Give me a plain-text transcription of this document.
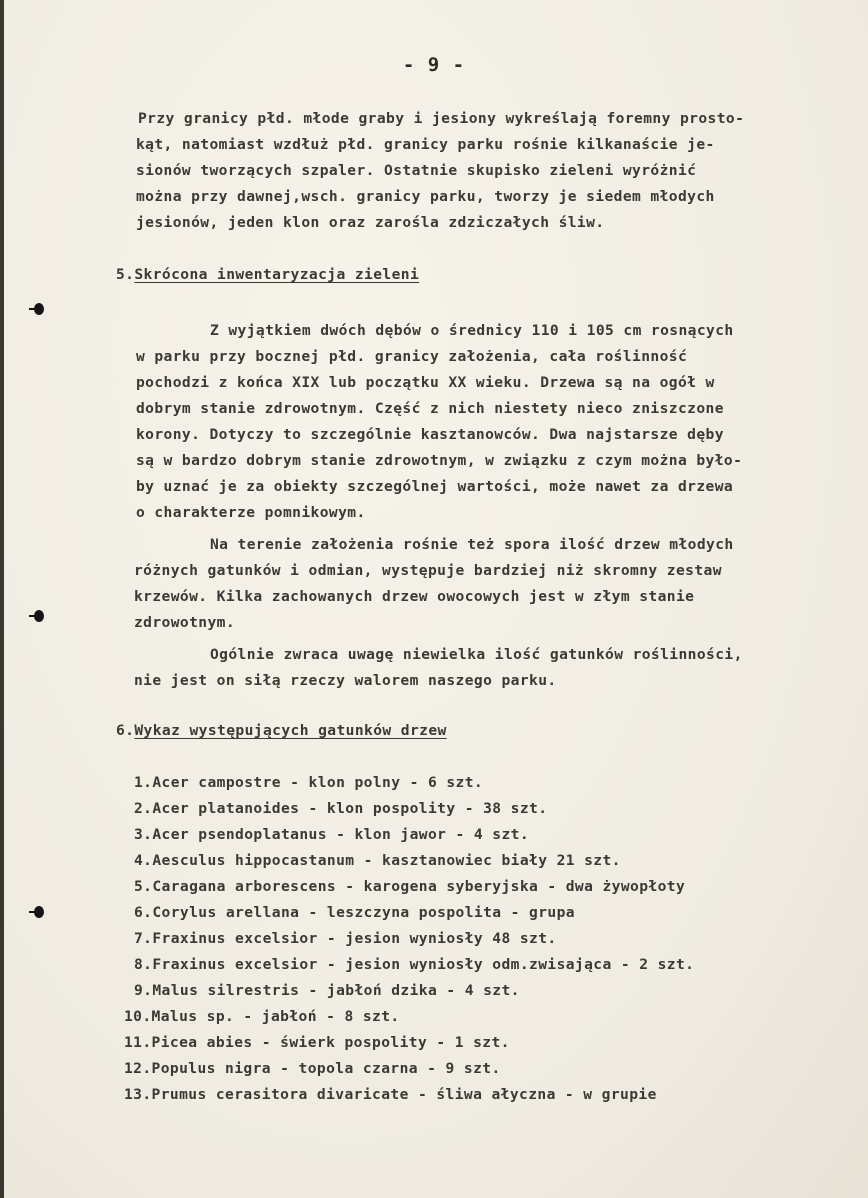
- 9 -
Przy granicy płd. młode graby i jesiony wykreślają foremny prosto-
kąt, natomiast wzdłuż płd. granicy parku rośnie kilkanaście je-
sionów tworzących szpaler. Ostatnie skupisko zieleni wyróżnić
można przy dawnej,wsch. granicy parku, tworzy je siedem młodych
jesionów, jeden klon oraz zarośla zdziczałych śliw.
5.Skrócona inwentaryzacja zieleni
Z wyjątkiem dwóch dębów o średnicy 110 i 105 cm rosnących
w parku przy bocznej płd. granicy założenia, cała roślinność
pochodzi z końca XIX lub początku XX wieku. Drzewa są na ogół w
dobrym stanie zdrowotnym. Część z nich niestety nieco zniszczone
korony. Dotyczy to szczególnie kasztanowców. Dwa najstarsze dęby
są w bardzo dobrym stanie zdrowotnym, w związku z czym można było-
by uznać je za obiekty szczególnej wartości, może nawet za drzewa
o charakterze pomnikowym.
Na terenie założenia rośnie też spora ilość drzew młodych
różnych gatunków i odmian, występuje bardziej niż skromny zestaw
krzewów. Kilka zachowanych drzew owocowych jest w złym stanie
zdrowotnym.
Ogólnie zwraca uwagę niewielka ilość gatunków roślinności,
nie jest on siłą rzeczy walorem naszego parku.
6.Wykaz występujących gatunków drzew
1.Acer campostre - klon polny - 6 szt.
2.Acer platanoides - klon pospolity - 38 szt.
3.Acer psendoplatanus - klon jawor - 4 szt.
4.Aesculus hippocastanum - kasztanowiec biały 21 szt.
5.Caragana arborescens - karogena syberyjska - dwa żywopłoty
6.Corylus arellana - leszczyna pospolita - grupa
7.Fraxinus excelsior - jesion wyniosły 48 szt.
8.Fraxinus excelsior - jesion wyniosły odm.zwisająca - 2 szt.
9.Malus silrestris - jabłoń dzika - 4 szt.
10.Malus sp. - jabłoń - 8 szt.
11.Picea abies - świerk pospolity - 1 szt.
12.Populus nigra - topola czarna - 9 szt.
13.Prumus cerasitora divaricate - śliwa ałyczna - w grupie
